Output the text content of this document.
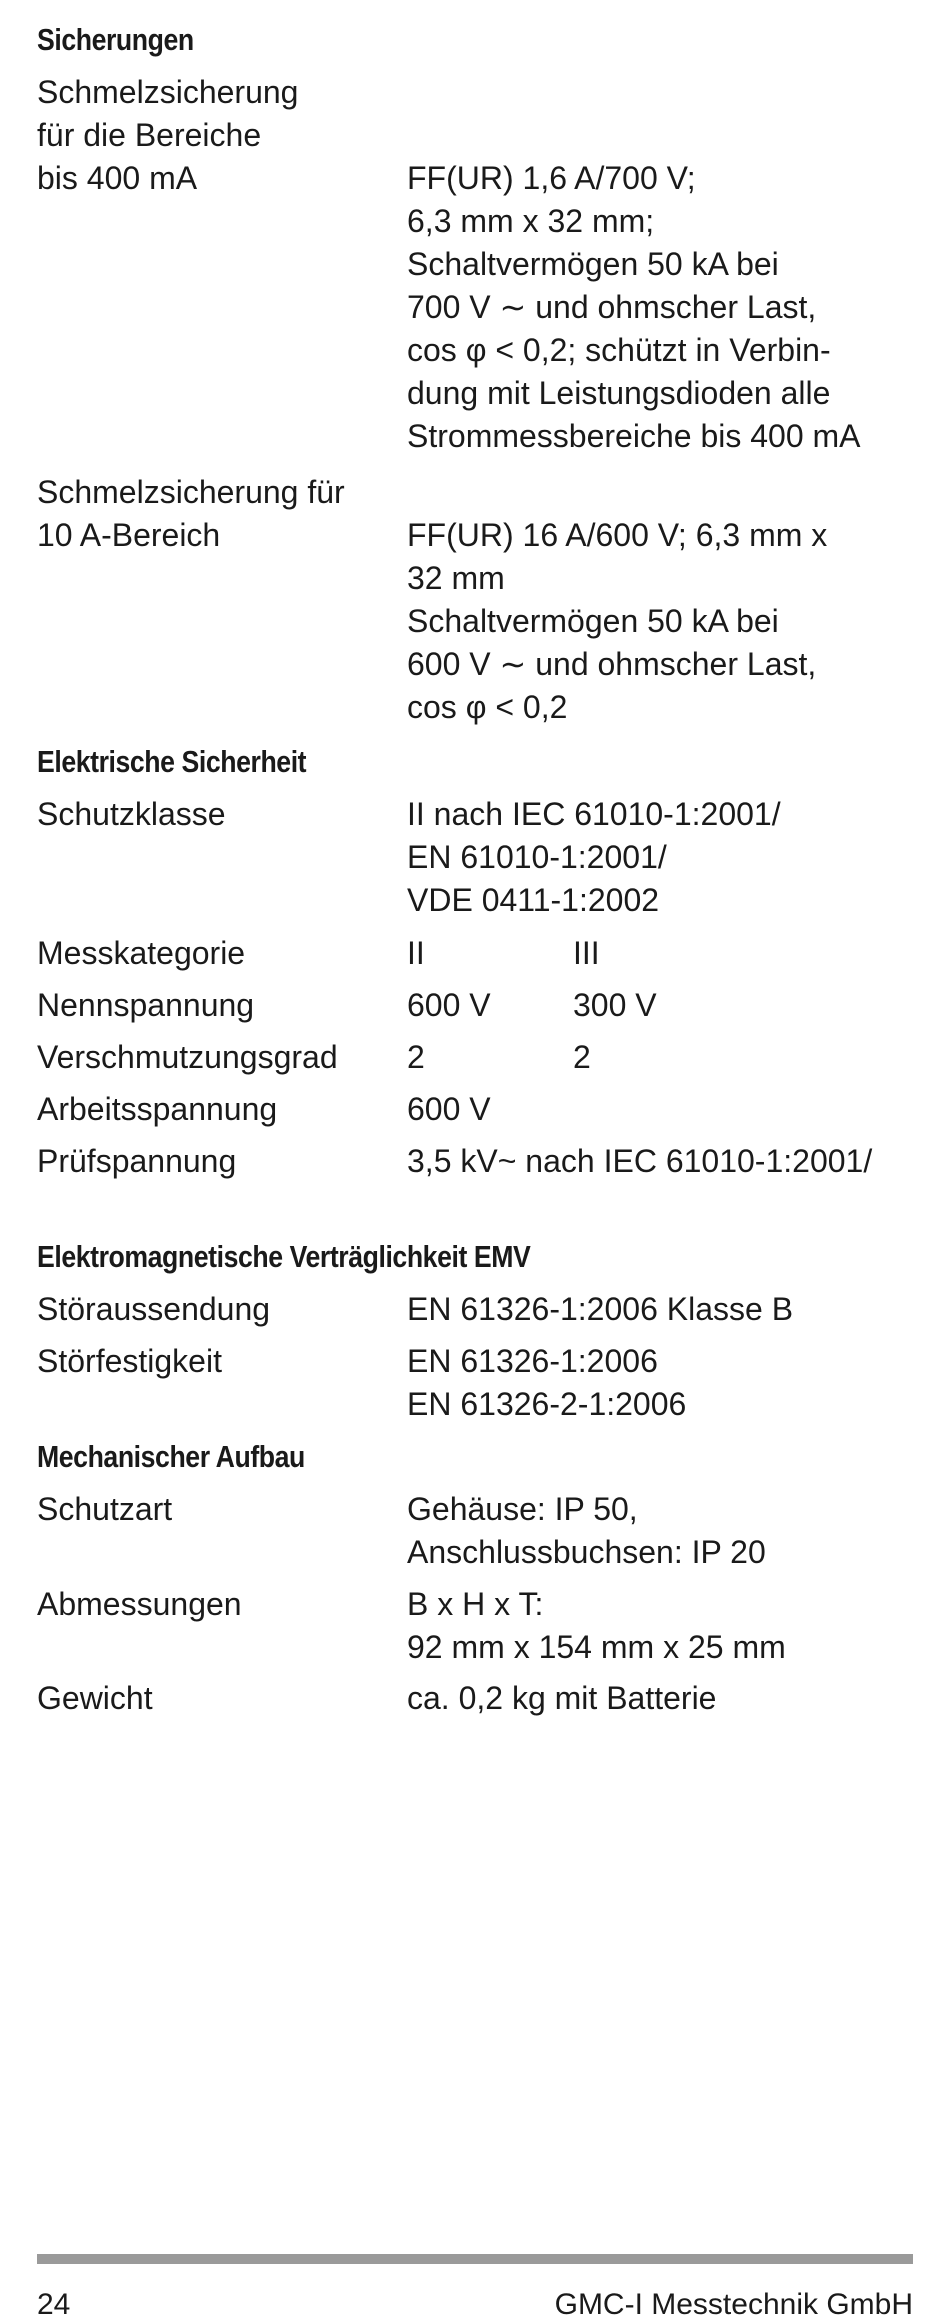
Sicherungen
Schmelzsicherung
für die Bereiche
bis 400 mA	FF(UR) 1,6 A/700 V;
6,3 mm x 32 mm;
Schaltvermögen 50 kA bei
700 V ∼ und ohmscher Last,
cos φ < 0,2; schützt in Verbin-
dung mit Leistungsdioden alle
Strommessbereiche bis 400 mA
Schmelzsicherung für
10 A-Bereich	FF(UR) 16 A/600 V; 6,3 mm x
32 mm
Schaltvermögen 50 kA bei
600 V ∼ und ohmscher Last,
cos φ < 0,2
Elektrische Sicherheit
Schutzklasse	II nach IEC 61010-1:2001/
EN 61010-1:2001/
VDE 0411-1:2002
Messkategorie	II	III
Nennspannung	600 V	300 V
Verschmutzungsgrad 2	2
Arbeitsspannung	600 V
Prüfspannung	3,5 kV~ nach IEC 61010-1:2001/
Elektromagnetische Verträglichkeit EMV
Störaussendung	EN 61326-1:2006 Klasse B
Störfestigkeit	EN 61326-1:2006
EN 61326-2-1:2006
Mechanischer Aufbau
Schutzart	Gehäuse: IP 50,
Anschlussbuchsen: IP 20
Abmessungen	B x H x T:
92 mm x 154 mm x 25 mm
Gewicht	ca. 0,2 kg mit Batterie
24	GMC-I Messtechnik GmbH
